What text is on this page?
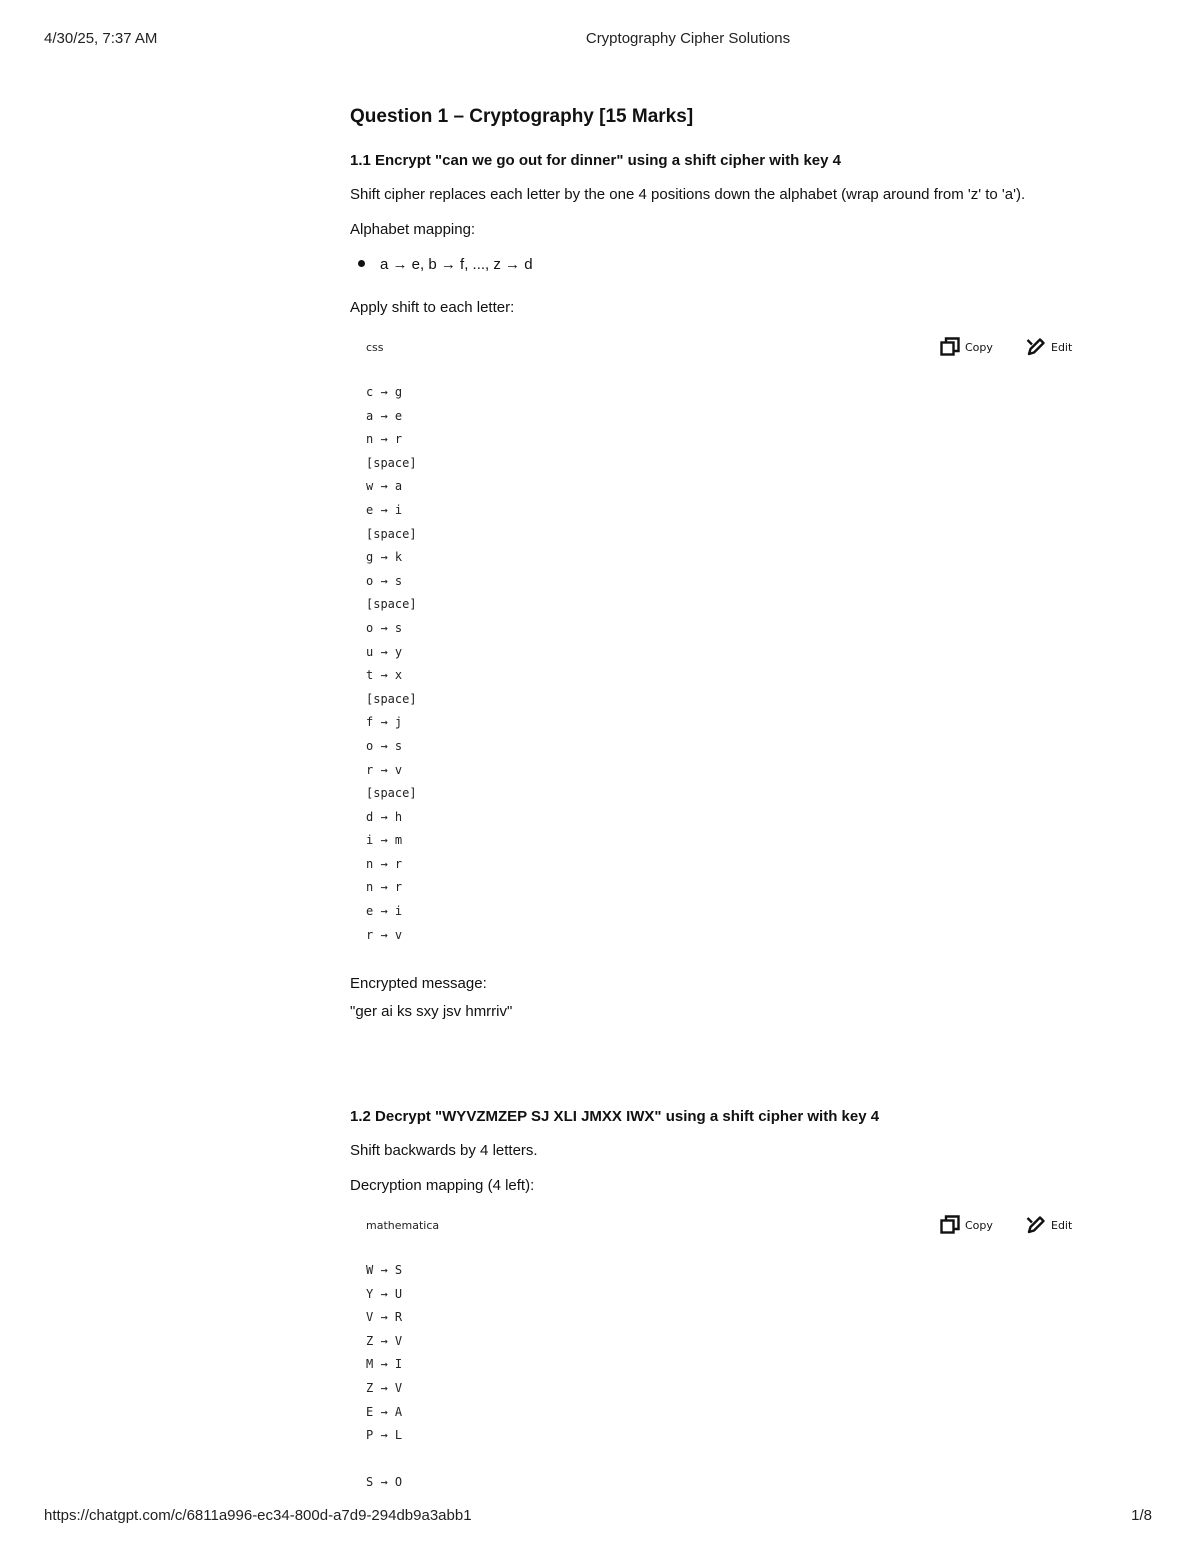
4/30/25, 7:37 AM	Cryptography Cipher Solutions
Question 1 – Cryptography [15 Marks]
1.1 Encrypt "can we go out for dinner" using a shift cipher with key 4
Shift cipher replaces each letter by the one 4 positions down the alphabet (wrap around from 'z' to 'a').
Alphabet mapping:
a → e, b → f, ..., z → d
Apply shift to each letter:
css	Copy	Edit
c → g
a → e
n → r
[space]
w → a
e → i
[space]
g → k
o → s
[space]
o → s
u → y
t → x
[space]
f → j
o → s
r → v
[space]
d → h
i → m
n → r
n → r
e → i
r → v
Encrypted message:
"ger ai ks sxy jsv hmrriv"
1.2 Decrypt "WYVZMZEP SJ XLI JMXX IWX" using a shift cipher with key 4
Shift backwards by 4 letters.
Decryption mapping (4 left):
mathematica	Copy	Edit
W → S
Y → U
V → R
Z → V
M → I
Z → V
E → A
P → L
S → O
https://chatgpt.com/c/6811a996-ec34-800d-a7d9-294db9a3abb1	1/8
